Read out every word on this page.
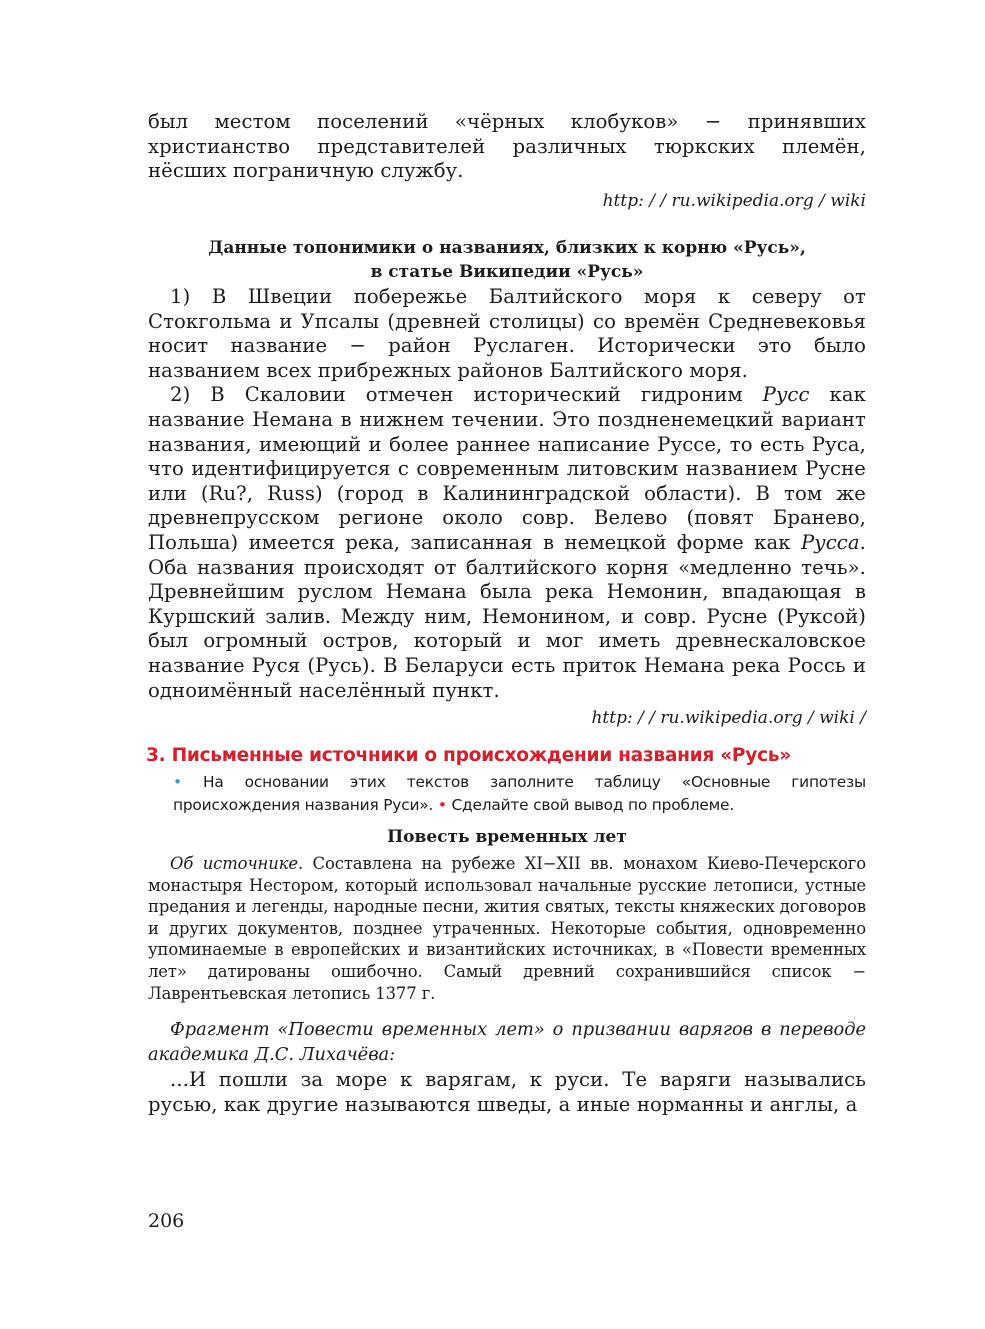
был местом поселений «чёрных клобуков» − принявших христианство представителей различных тюркских племён, нёсших пограничную службу.

http: / / ru.wikipedia.org / wiki

Данные топонимики о названиях, близких к корню «Русь»,

в статье Википедии «Русь»

1) В Швеции побережье Балтийского моря к северу от Стокгольма и Упсалы (древней столицы) со времён Средневековья носит название − район Руслаген. Исторически это было названием всех прибрежных районов Балтийского моря.

2) В Скаловии отмечен исторический гидроним Русс как название Немана в нижнем течении. Это поздненемецкий вариант названия, имеющий и более раннее написание Руссе, то есть Руса, что идентифицируется с современным литовским названием Русне или (Ru?, Russ) (город в Калининградской области). В том же древнепрусском регионе около совр. Велево (повят Бранево, Польша) имеется река, записанная в немецкой форме как Русса. Оба названия происходят от балтийского корня «медленно течь». Древнейшим руслом Немана была река Немонин, впадающая в Куршский залив. Между ним, Немонином, и совр. Русне (Руксой) был огромный остров, который и мог иметь древнескаловское название Руся (Русь). В Беларуси есть приток Немана река Россь и одноимённый населённый пункт.

http: / / ru.wikipedia.org / wiki /

3. Письменные источники о происхождении названия «Русь»

• На основании этих текстов заполните таблицу «Основные гипотезы происхождения названия Руси». • Сделайте свой вывод по проблеме.

Повесть временных лет

Об источнике. Составлена на рубеже XI−XII вв. монахом Киево-Печерского монастыря Нестором, который использовал начальные русские летописи, устные предания и легенды, народные песни, жития святых, тексты княжеских договоров и других документов, позднее утраченных. Некоторые события, одновременно упоминаемые в европейских и византийских источниках, в «Повести временных лет» датированы ошибочно. Самый древний сохранившийся список − Лаврентьевская летопись 1377 г.

Фрагмент «Повести временных лет» о призвании варягов в переводе академика Д.С. Лихачёва:

...И пошли за море к варягам, к руси. Те варяги назывались русью, как другие называются шведы, а иные норманны и англы, а

206
